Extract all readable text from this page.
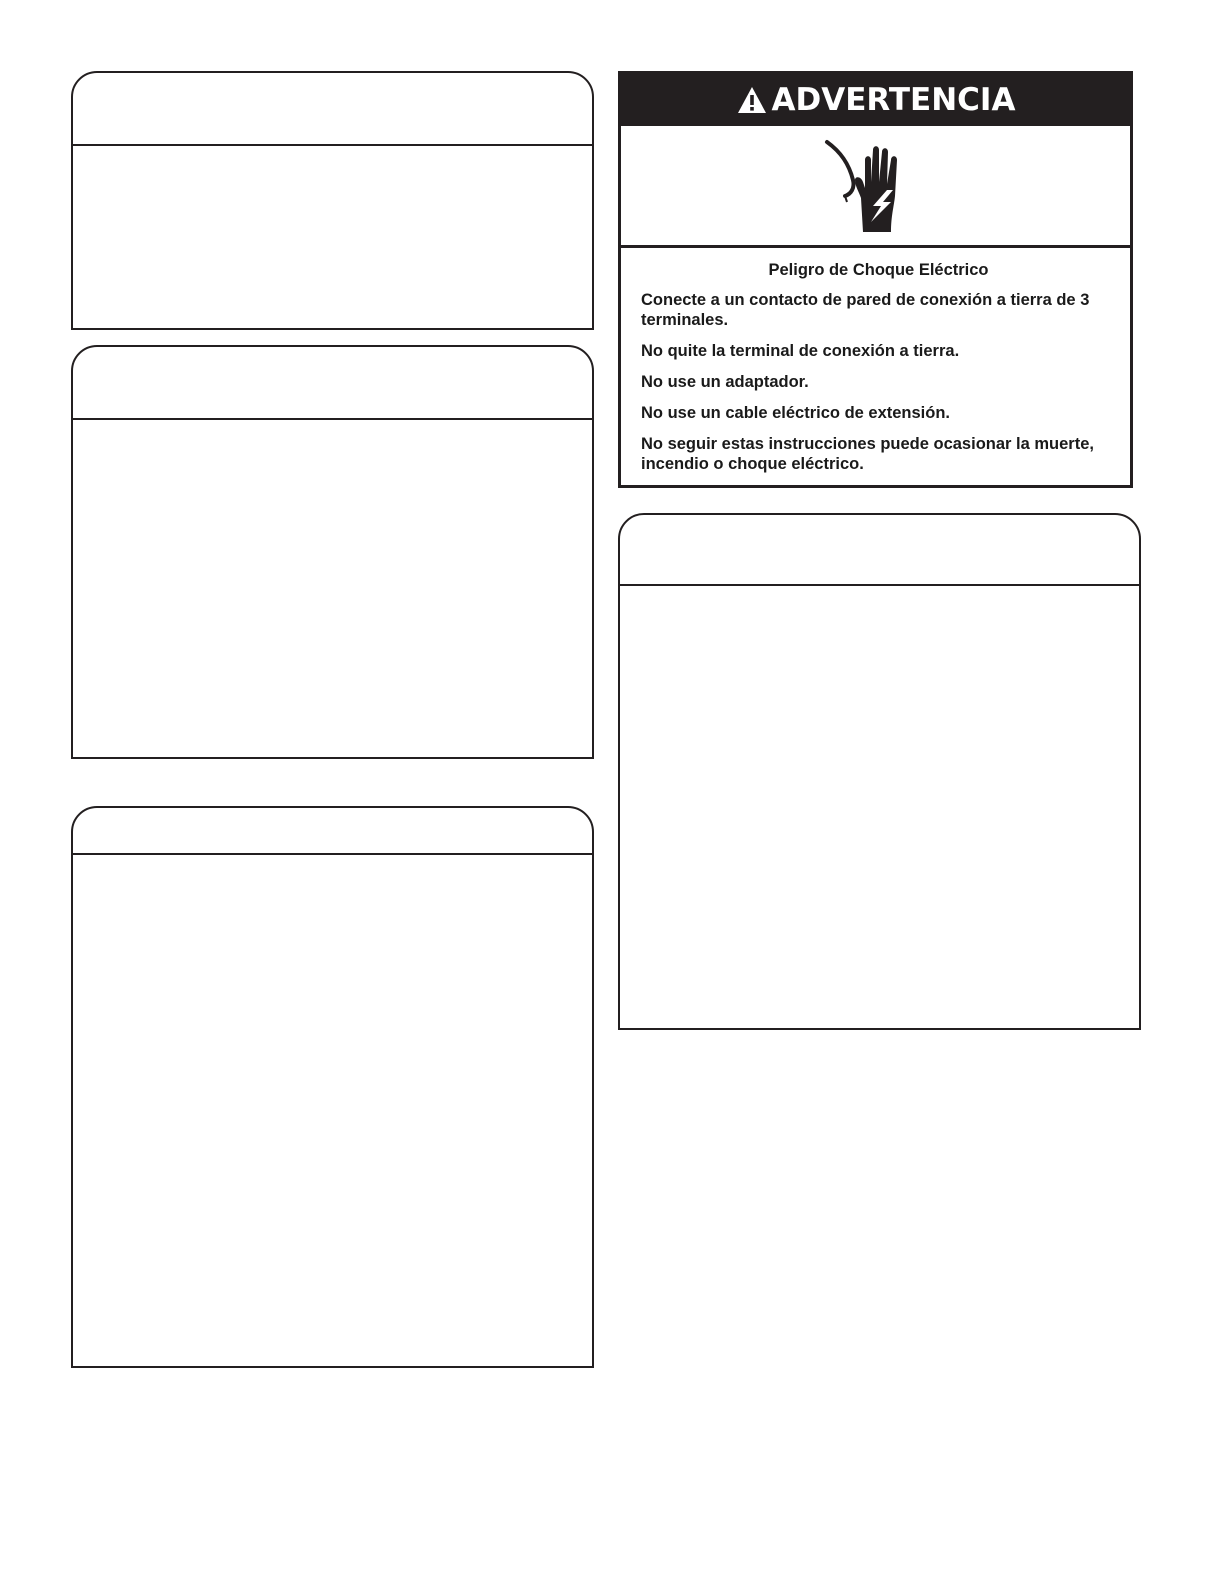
ADVERTENCIA
Peligro de Choque Eléctrico

Conecte a un contacto de pared de conexión a tierra de 3 terminales.

No quite la terminal de conexión a tierra.

No use un adaptador.

No use un cable eléctrico de extensión.

No seguir estas instrucciones puede ocasionar la muerte, incendio o choque eléctrico.
